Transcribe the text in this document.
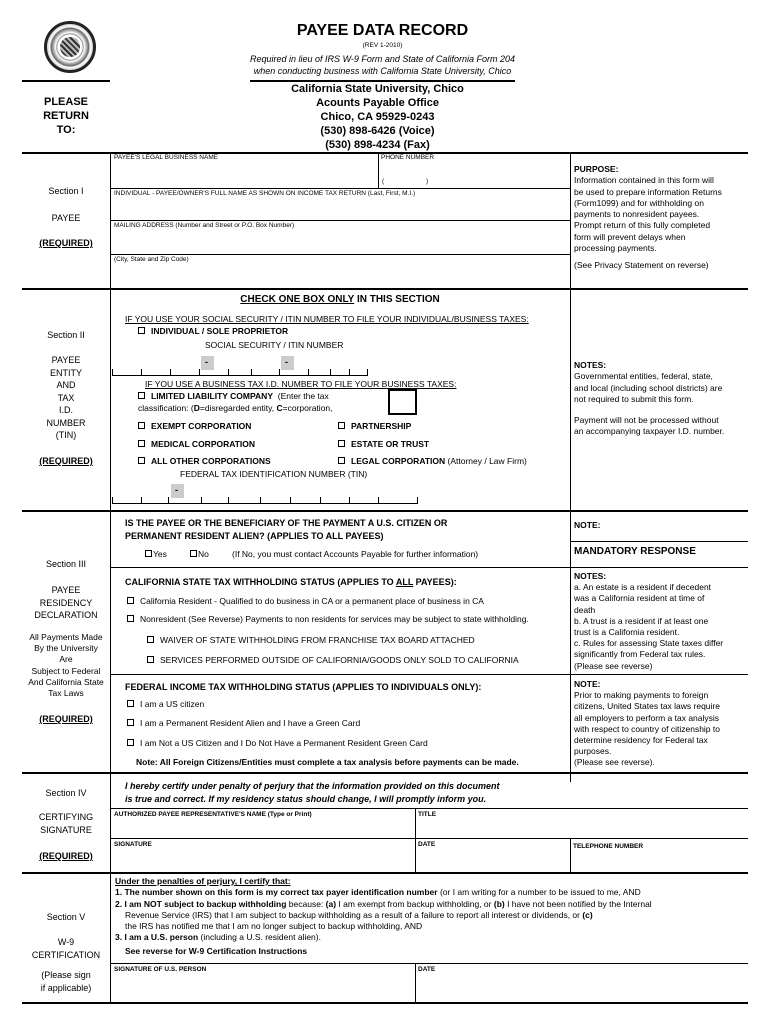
PAYEE DATA RECORD
(REV 1-2010)
Required in lieu of IRS W-9 Form and State of California Form 204
when conducting business with California State University, Chico
PLEASE
RETURN
TO:
California State University, Chico
Acounts Payable Office
Chico, CA 95929-0243
(530) 898-6426 (Voice)
(530) 898-4234 (Fax)
Section I
PAYEE
(REQUIRED)
PAYEE'S LEGAL BUSINESS NAME	PHONE NUMBER
(	)
INDIVIDUAL - PAYEE/OWNER'S FULL NAME AS SHOWN ON INCOME TAX RETURN (Last, First, M.I.)
MAILING ADDRESS (Number and Street or P.O. Box Number)
(City, State and Zip Code)
PURPOSE:
Information contained in this form will
be used to prepare information Returns
(Form1099) and for withholding on
payments to nonresident payees.
Prompt return of this fully completed
form will prevent delays when
processing payments.
(See Privacy Statement on reverse)
Section II
PAYEE
ENTITY
AND
TAX
I.D.
NUMBER
(TIN)
(REQUIRED)
CHECK ONE BOX ONLY IN THIS SECTION
IF YOU USE YOUR SOCIAL SECURITY / ITIN NUMBER TO FILE YOUR INDIVIDUAL/BUSINESS TAXES:
INDIVIDUAL / SOLE PROPRIETOR
SOCIAL SECURITY / ITIN NUMBER
-	-
IF YOU USE A BUSINESS TAX I.D. NUMBER TO FILE YOUR BUSINESS TAXES:
LIMITED LIABILITY COMPANY (Enter the tax
classification: (D=disregarded entity, C=corporation,
EXEMPT CORPORATION	PARTNERSHIP
MEDICAL CORPORATION	ESTATE OR TRUST
ALL OTHER CORPORATIONS	LEGAL CORPORATION (Attorney / Law Firm)
FEDERAL TAX IDENTIFICATION NUMBER (TIN)
-
NOTES:
Governmental entities, federal, state,
and local (including school districts) are
not required to submit this form.
Payment will not be processed without
an accompanying taxpayer I.D. number.
Section III
PAYEE
RESIDENCY
DECLARATION
All Payments Made
By the University
Are
Subject to Federal
And California State
Tax Laws
(REQUIRED)
IS THE PAYEE OR THE BENEFICIARY OF THE PAYMENT A U.S. CITIZEN OR
PERMANENT RESIDENT ALIEN? (APPLIES TO ALL PAYEES)
Yes	No	(If No, you must contact Accounts Payable for further information)
NOTE:
MANDATORY RESPONSE
CALIFORNIA STATE TAX WITHHOLDING STATUS (APPLIES TO ALL PAYEES):
California Resident - Qualified to do business in CA or a permanent place of business in CA
Nonresident (See Reverse) Payments to non residents for services may be subject to state withholding.
WAIVER OF STATE WITHHOLDING FROM FRANCHISE TAX BOARD ATTACHED
SERVICES PERFORMED OUTSIDE OF CALIFORNIA/GOODS ONLY SOLD TO CALIFORNIA
NOTES:
a. An estate is a resident if decedent
was a California resident at time of
death
b. A trust is a resident if at least one
trust is a California resident.
c. Rules for assessing State taxes differ
significantly from Federal tax rules.
(Please see reverse)
FEDERAL INCOME TAX WITHHOLDING STATUS (APPLIES TO INDIVIDUALS ONLY):
I am a US citizen
I am a Permanent Resident Alien and I have a Green Card
I am Not a US Citizen and I Do Not Have a Permanent Resident Green Card
Note: All Foreign Citizens/Entities must complete a tax analysis before payments can be made.
NOTE:
Prior to making payments to foreign
citizens, United States tax laws require
all employers to perform a tax analysis
with respect to country of citizenship to
determine residency for Federal tax
purposes.
(Please see reverse).
Section IV
CERTIFYING
SIGNATURE
(REQUIRED)
I hereby certify under penalty of perjury that the information provided on this document
is true and correct. If my residency status should change, I will promptly inform you.
AUTHORIZED PAYEE REPRESENTATIVE'S NAME (Type or Print)	TITLE
SIGNATURE	DATE	TELEPHONE NUMBER
Section V
W-9
CERTIFICATION
(Please sign
if applicable)
Under the penalties of perjury, I certify that:
1. The number shown on this form is my correct tax payer identification number (or I am writing for a number to be issued to me, AND
2. I am NOT subject to backup withholding because: (a) I am exempt from backup withholding, or (b) I have not been notified by the Internal
Revenue Service (IRS) that I am subject to backup withholding as a result of a failure to report all interest or dividends, or (c)
the IRS has notified me that I am no longer subject to backup withholding, AND
3. I am a U.S. person (including a U.S. resident alien).
See reverse for W-9 Certification Instructions
SIGNATURE OF U.S. PERSON	DATE
